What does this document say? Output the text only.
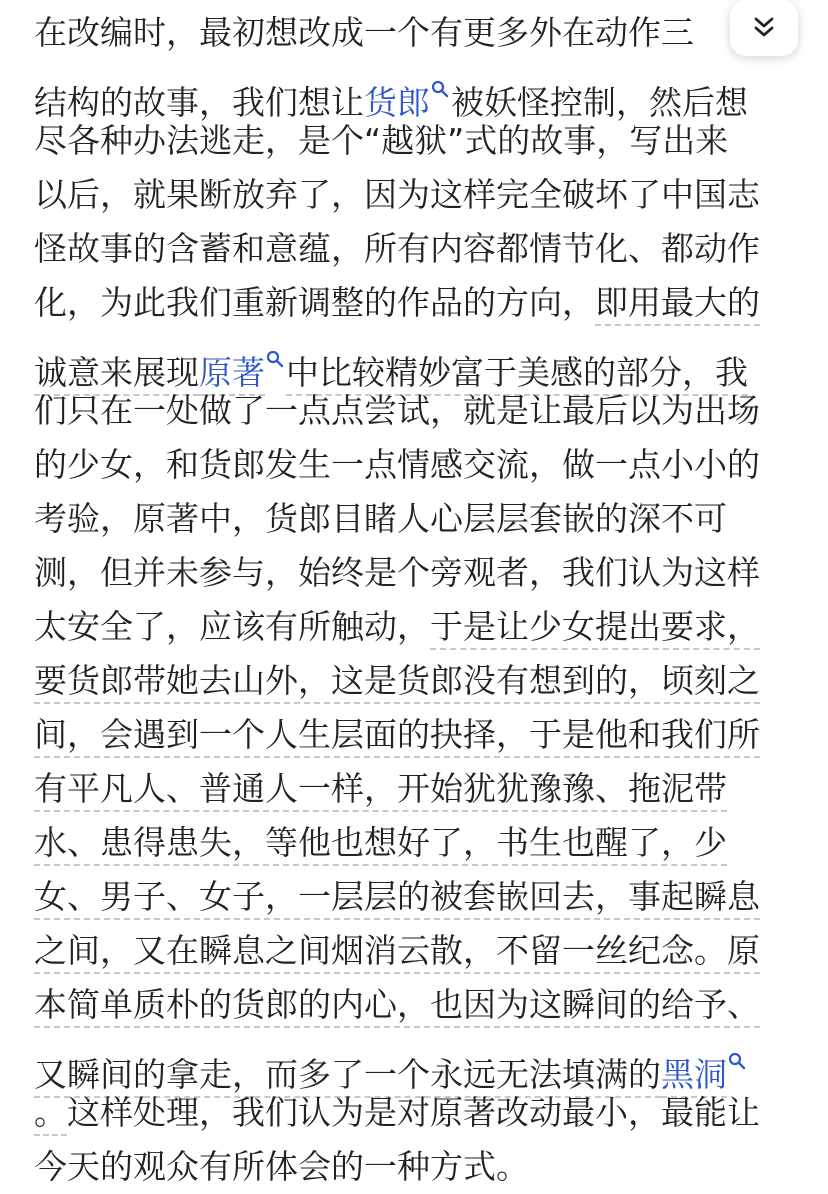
在改编时，最初想改成一个有更多外在动作三
结构的故事，我们想让货郎 被妖怪控制，然后想
尽各种办法逃走，是个“越狱”式的故事，写出来
以后，就果断放弃了，因为这样完全破坏了中国志
怪故事的含蓄和意蕴，所有内容都情节化、都动作
化，为此我们重新调整的作品的方向，即用最大的
诚意来展现原著 中比较精妙富于美感的部分，我
们只在一处做了一点点尝试，就是让最后以为出场
的少女，和货郎发生一点情感交流，做一点小小的
考验，原著中，货郎目睹人心层层套嵌的深不可
测，但并未参与，始终是个旁观者，我们认为这样
太安全了，应该有所触动，于是让少女提出要求，
要货郎带她去山外，这是货郎没有想到的，顷刻之
间，会遇到一个人生层面的抉择，于是他和我们所
有平凡人、普通人一样，开始犹犹豫豫、拖泥带
水、患得患失，等他也想好了，书生也醒了，少
女、男子、女子，一层层的被套嵌回去，事起瞬息
之间，又在瞬息之间烟消云散，不留一丝纪念。原
本简单质朴的货郎的内心，也因为这瞬间的给予、
又瞬间的拿走，而多了一个永远无法填满的黑洞
。这样处理，我们认为是对原著改动最小，最能让
今天的观众有所体会的一种方式。
